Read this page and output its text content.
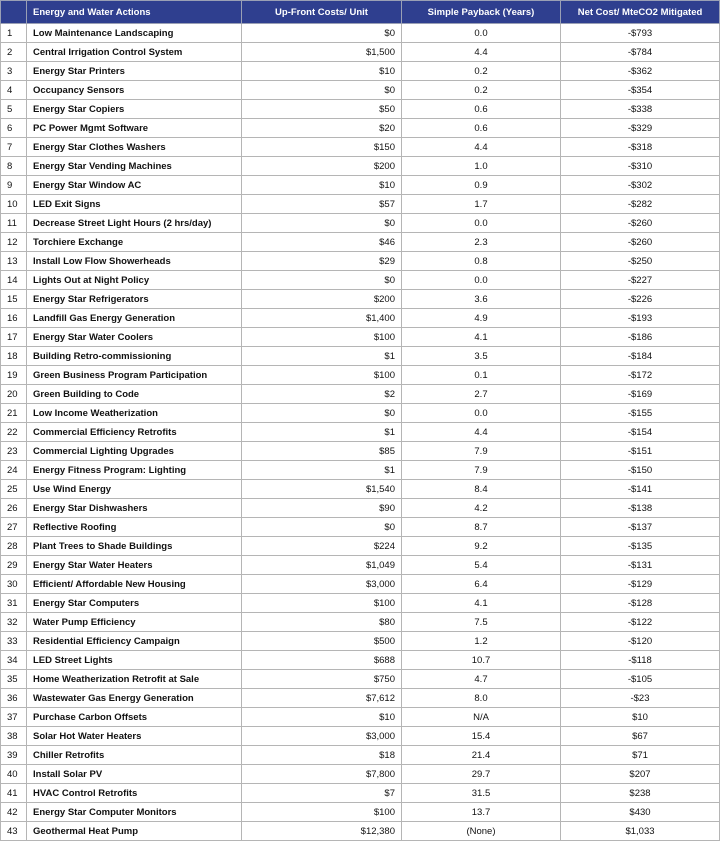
	Energy and Water Actions	Up-Front Costs/ Unit	Simple Payback (Years)	Net Cost/ MteCO2 Mitigated
1	Low Maintenance Landscaping	$0	0.0	-$793
2	Central Irrigation Control System	$1,500	4.4	-$784
3	Energy Star Printers	$10	0.2	-$362
4	Occupancy Sensors	$0	0.2	-$354
5	Energy Star Copiers	$50	0.6	-$338
6	PC Power Mgmt Software	$20	0.6	-$329
7	Energy Star Clothes Washers	$150	4.4	-$318
8	Energy Star Vending Machines	$200	1.0	-$310
9	Energy Star Window AC	$10	0.9	-$302
10	LED Exit Signs	$57	1.7	-$282
11	Decrease Street Light Hours (2 hrs/day)	$0	0.0	-$260
12	Torchiere Exchange	$46	2.3	-$260
13	Install Low Flow Showerheads	$29	0.8	-$250
14	Lights Out at Night Policy	$0	0.0	-$227
15	Energy Star Refrigerators	$200	3.6	-$226
16	Landfill Gas Energy Generation	$1,400	4.9	-$193
17	Energy Star Water Coolers	$100	4.1	-$186
18	Building Retro-commissioning	$1	3.5	-$184
19	Green Business Program Participation	$100	0.1	-$172
20	Green Building to Code	$2	2.7	-$169
21	Low Income Weatherization	$0	0.0	-$155
22	Commercial Efficiency Retrofits	$1	4.4	-$154
23	Commercial Lighting Upgrades	$85	7.9	-$151
24	Energy Fitness Program: Lighting	$1	7.9	-$150
25	Use Wind Energy	$1,540	8.4	-$141
26	Energy Star Dishwashers	$90	4.2	-$138
27	Reflective Roofing	$0	8.7	-$137
28	Plant Trees to Shade Buildings	$224	9.2	-$135
29	Energy Star Water Heaters	$1,049	5.4	-$131
30	Efficient/ Affordable New Housing	$3,000	6.4	-$129
31	Energy Star Computers	$100	4.1	-$128
32	Water Pump Efficiency	$80	7.5	-$122
33	Residential Efficiency Campaign	$500	1.2	-$120
34	LED Street Lights	$688	10.7	-$118
35	Home Weatherization Retrofit at Sale	$750	4.7	-$105
36	Wastewater Gas Energy Generation	$7,612	8.0	-$23
37	Purchase Carbon Offsets	$10	N/A	$10
38	Solar Hot Water Heaters	$3,000	15.4	$67
39	Chiller Retrofits	$18	21.4	$71
40	Install Solar PV	$7,800	29.7	$207
41	HVAC Control Retrofits	$7	31.5	$238
42	Energy Star Computer Monitors	$100	13.7	$430
43	Geothermal Heat Pump	$12,380	(None)	$1,033
